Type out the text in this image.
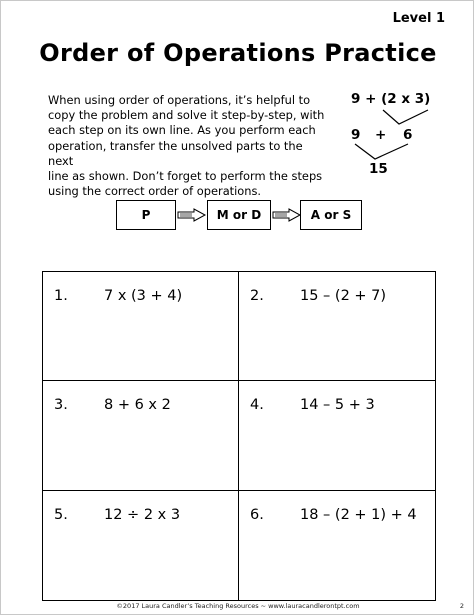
Level 1
Order of Operations Practice
When using order of operations, it’s helpful to
copy the problem and solve it step-by-step, with
each step on its own line. As you perform each
operation, transfer the unsolved parts to the next
line as shown. Don’t forget to perform the steps
using the correct order of operations.
9 + (2 x 3)
9 + 6
15
P	M or D	A or S
1. 7 x (3 + 4)	2. 15 – (2 + 7)
3. 8 + 6 x 2	4. 14 – 5 + 3
5. 12 ÷ 2 x 3	6. 18 – (2 + 1) + 4
©2017 Laura Candler’s Teaching Resources ~ www.lauracandlerontpt.com	2
